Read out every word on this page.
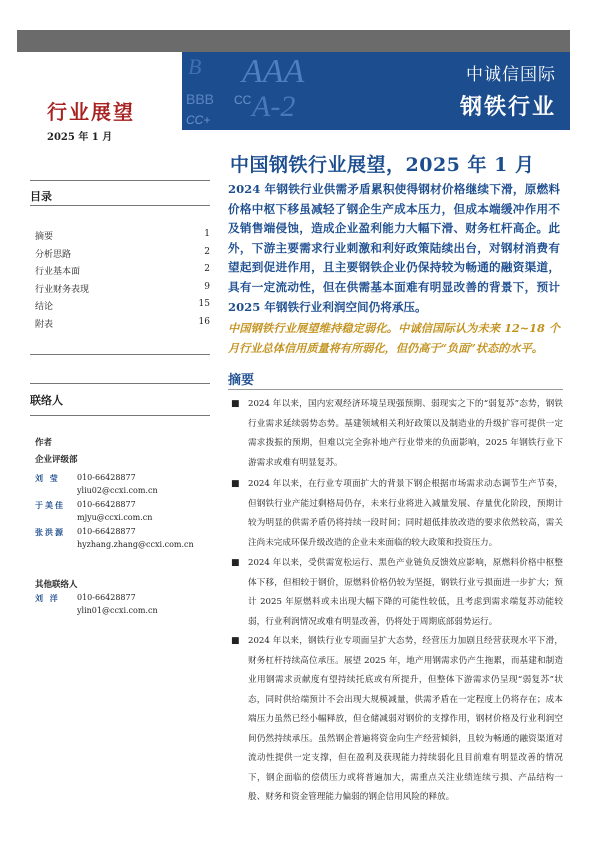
B AAA
BBB A-2
CC
CC+
中诚信国际
钢铁行业
行业展望
2025 年 1 月
目录
摘要	1
分析思路	2
行业基本面	2
行业财务表现	9
结论	15
附表	16
联络人
作者
企业评级部
刘 莹 010-66428877
yliu02@ccxi.com.cn
于美佳 010-66428877
mjyu@ccxi.com.cn
张洪源 010-66428877
hyzhang.zhang@ccxi.com.cn
其他联络人
刘 洋 010-66428877
ylin01@ccxi.com.cn
中国钢铁行业展望，2025 年 1 月
2024 年钢铁行业供需矛盾累积使得钢材价格继续下滑，原燃料价格中枢下移虽减轻了钢企生产成本压力，但成本端缓冲作用不及销售端侵蚀，造成企业盈利能力大幅下滑、财务杠杆高企。此外，下游主要需求行业刺激和利好政策陆续出台，对钢材消费有望起到促进作用，且主要钢铁企业仍保持较为畅通的融资渠道，具有一定流动性，但在供需基本面难有明显改善的背景下，预计 2025 年钢铁行业利润空间仍将承压。
中国钢铁行业展望维持稳定弱化。中诚信国际认为未来 12~18 个月行业总体信用质量将有所弱化，但仍高于“负面”状态的水平。
摘要
■ 2024 年以来，国内宏观经济环境呈现强预期、弱现实之下的“弱复苏”态势，钢铁行业需求延续弱势态势。基建领域相关利好政策以及制造业的升级扩容可提供一定需求拨振的预期，但难以完全弥补地产行业带来的负面影响，2025 年钢铁行业下游需求或难有明显复苏。
■ 2024 年以来，在行业专项面扩大的背景下钢企根据市场需求动态调节生产节奏，但钢铁行业产能过剩格局仍存，未来行业将进入减量发展、存量优化阶段，预期计较为明显的供需矛盾仍将持续一段时间；同时超低排放改造的要求依然较高，需关注尚未完成环保升级改造的企业未来面临的较大政策和投资压力。
■ 2024 年以来，受供需宽松运行、黑色产业链负反馈效应影响，原燃料价格中枢整体下移，但相较于钢价，原燃料价格仍较为坚挺，钢铁行业亏损面进一步扩大；预计 2025 年原燃料或未出现大幅下降的可能性较低，且考虑到需求端复苏动能较弱，行业利润情况或难有明显改善，仍将处于周期底部弱势运行。
■ 2024 年以来，钢铁行业专项面呈扩大态势，经营压力加剧且经营获现水平下滑，财务杠杆持续高位承压。展望 2025 年，地产用钢需求仍产生拖累，而基建和制造业用钢需求贡献度有望持续托底或有所提升，但整体下游需求仍呈现“弱复苏”状态，同时供给端预计不会出现大规模减量，供需矛盾在一定程度上仍将存在；成本端压力虽然已经小幅释放，但仓储减弱对钢价的支撑作用，钢材价格及行业利润空间仍然持续承压。虽然钢企普遍将资金向生产经营倾斜，且较为畅通的融资渠道对流动性提供一定支撑，但在盈利及获现能力持续弱化且目前难有明显改善的情况下，钢企面临的偿债压力或将普遍加大，需重点关注业绩连续亏损、产品结构一般、财务和资金管理能力偏弱的钢企信用风险的释放。
